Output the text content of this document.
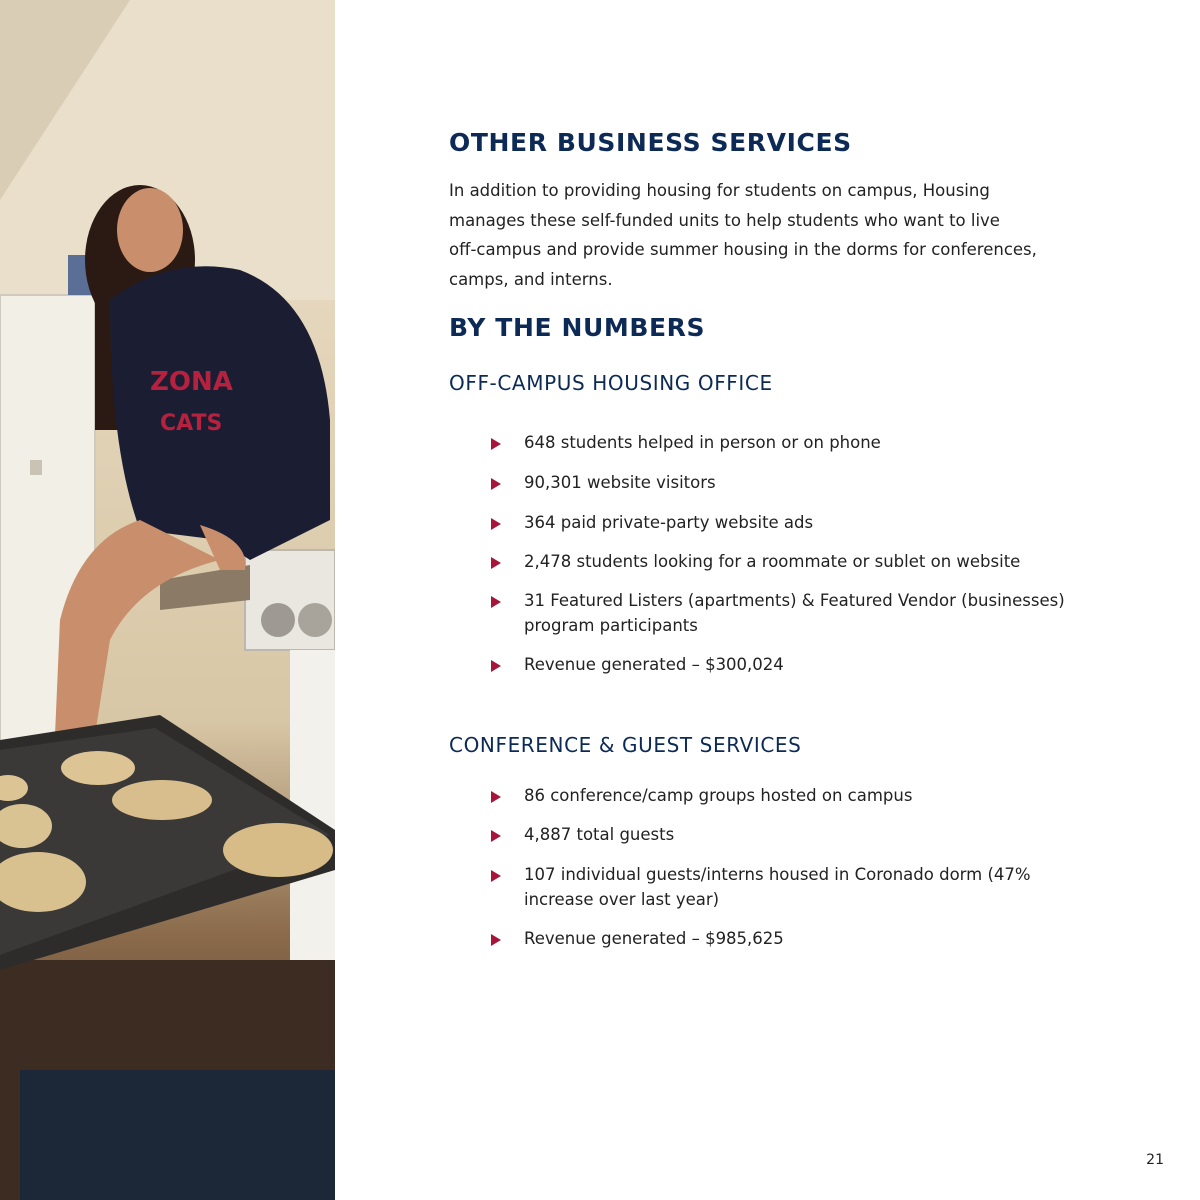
ZONA
CATS
OTHER BUSINESS SERVICES

In addition to providing housing for students on campus, Housing
manages these self-funded units to help students who want to live
off-campus and provide summer housing in the dorms for conferences,
camps, and interns.

BY THE NUMBERS
OFF-CAMPUS HOUSING OFFICE
648 students helped in person or on phone
90,301 website visitors
364 paid private-party website ads
2,478 students looking for a roommate or sublet on website
31 Featured Listers (apartments) & Featured Vendor (businesses)
program participants
Revenue generated – $300,024
CONFERENCE & GUEST SERVICES
86 conference/camp groups hosted on campus
4,887 total guests
107 individual guests/interns housed in Coronado dorm (47%
increase over last year)
Revenue generated – $985,625
21
